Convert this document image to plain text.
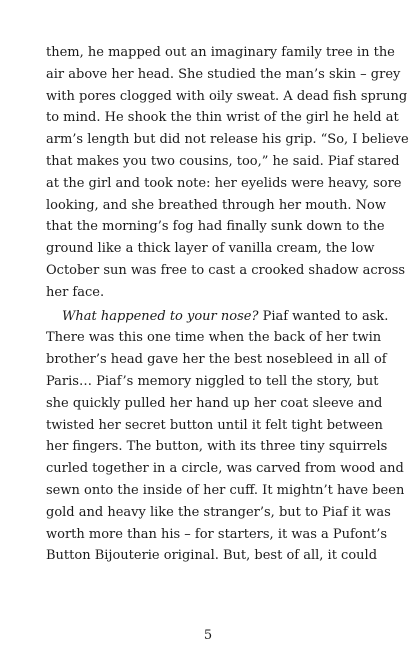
them, he mapped out an imaginary family tree in the
air above her head. She studied the man’s skin – grey
with pores clogged with oily sweat. A dead fish sprung
to mind. He shook the thin wrist of the girl he held at
arm’s length but did not release his grip. “So, I believe
that makes you two cousins, too,” he said. Piaf stared
at the girl and took note: her eyelids were heavy, sore
looking, and she breathed through her mouth. Now
that the morning’s fog had finally sunk down to the
ground like a thick layer of vanilla cream, the low
October sun was free to cast a crooked shadow across
her face.
What happened to your nose? Piaf wanted to ask.
There was this one time when the back of her twin
brother’s head gave her the best nosebleed in all of
Paris… Piaf’s memory niggled to tell the story, but
she quickly pulled her hand up her coat sleeve and
twisted her secret button until it felt tight between
her fingers. The button, with its three tiny squirrels
curled together in a circle, was carved from wood and
sewn onto the inside of her cuff. It mightn’t have been
gold and heavy like the stranger’s, but to Piaf it was
worth more than his – for starters, it was a Pufont’s
Button Bijouterie original. But, best of all, it could
5
